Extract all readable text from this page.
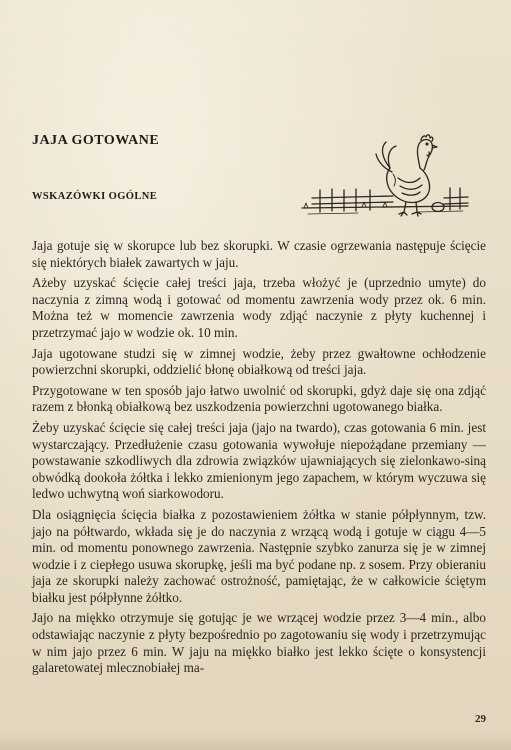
JAJA GOTOWANE
WSKAZÓWKI OGÓLNE

Jaja gotuje się w skorupce lub bez skorupki. W czasie ogrzewania następuje ścięcie się niektórych białek zawartych w jaju.

Ażeby uzyskać ścięcie całej treści jaja, trzeba włożyć je (uprzednio umyte) do naczynia z zimną wodą i gotować od momentu zawrzenia wody przez ok. 6 min. Można też w momencie zawrzenia wody zdjąć naczynie z płyty kuchennej i przetrzymać jajo w wodzie ok. 10 min.

Jaja ugotowane studzi się w zimnej wodzie, żeby przez gwałtowne ochłodzenie powierzchni skorupki, oddzielić błonę obiałkową od treści jaja.

Przygotowane w ten sposób jajo łatwo uwolnić od skorupki, gdyż daje się ona zdjąć razem z błonką obiałkową bez uszkodzenia powierzchni ugotowanego białka.

Żeby uzyskać ścięcie się całej treści jaja (jajo na twardo), czas gotowania 6 min. jest wystarczający. Przedłużenie czasu gotowania wywołuje niepożądane przemiany — powstawanie szkodliwych dla zdrowia związków ujawniających się zielonkawo-siną obwódką dookoła żółtka i lekko zmienionym jego zapachem, w którym wyczuwa się ledwo uchwytną woń siarkowodoru.

Dla osiągnięcia ścięcia białka z pozostawieniem żółtka w stanie półpłynnym, tzw. jajo na półtwardo, wkłada się je do naczynia z wrzącą wodą i gotuje w ciągu 4—5 min. od momentu ponownego zawrzenia. Następnie szybko zanurza się je w zimnej wodzie i z ciepłego usuwa skorupkę, jeśli ma być podane np. z sosem. Przy obieraniu jaja ze skorupki należy zachować ostrożność, pamiętając, że w całkowicie ściętym białku jest półpłynne żółtko.

Jajo na miękko otrzymuje się gotując je we wrzącej wodzie przez 3—4 min., albo odstawiając naczynie z płyty bezpośrednio po zagotowaniu się wody i przetrzymując w nim jajo przez 6 min. W jaju na miękko białko jest lekko ścięte o konsystencji galaretowatej mlecznobiałej ma-

29
